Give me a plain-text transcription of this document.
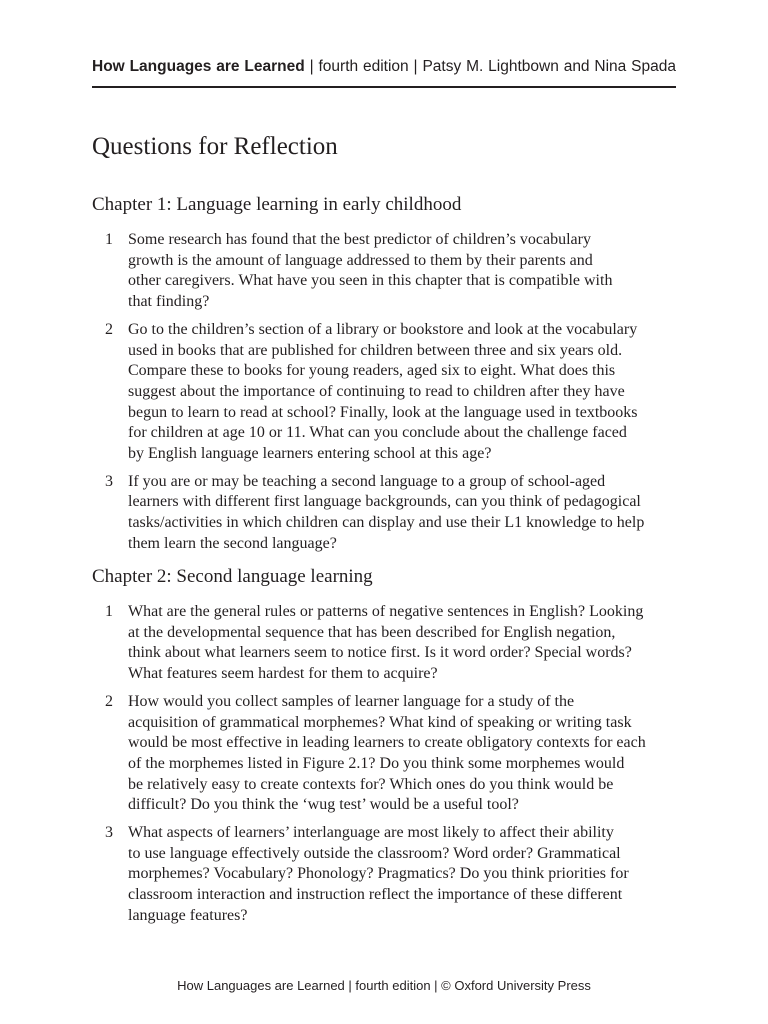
How Languages are Learned | fourth edition | Patsy M. Lightbown and Nina Spada
Questions for Reflection
Chapter 1: Language learning in early childhood
1 Some research has found that the best predictor of children’s vocabulary
growth is the amount of language addressed to them by their parents and
other caregivers. What have you seen in this chapter that is compatible with
that finding?
2 Go to the children’s section of a library or bookstore and look at the vocabulary
used in books that are published for children between three and six years old.
Compare these to books for young readers, aged six to eight. What does this
suggest about the importance of continuing to read to children after they have
begun to learn to read at school? Finally, look at the language used in textbooks
for children at age 10 or 11. What can you conclude about the challenge faced
by English language learners entering school at this age?
3 If you are or may be teaching a second language to a group of school-aged
learners with different first language backgrounds, can you think of pedagogical
tasks/activities in which children can display and use their L1 knowledge to help
them learn the second language?
Chapter 2: Second language learning
1 What are the general rules or patterns of negative sentences in English? Looking
at the developmental sequence that has been described for English negation,
think about what learners seem to notice first. Is it word order? Special words?
What features seem hardest for them to acquire?
2 How would you collect samples of learner language for a study of the
acquisition of grammatical morphemes? What kind of speaking or writing task
would be most effective in leading learners to create obligatory contexts for each
of the morphemes listed in Figure 2.1? Do you think some morphemes would
be relatively easy to create contexts for? Which ones do you think would be
difficult? Do you think the ‘wug test’ would be a useful tool?
3 What aspects of learners’ interlanguage are most likely to affect their ability
to use language effectively outside the classroom? Word order? Grammatical
morphemes? Vocabulary? Phonology? Pragmatics? Do you think priorities for
classroom interaction and instruction reflect the importance of these different
language features?
How Languages are Learned | fourth edition | © Oxford University Press
